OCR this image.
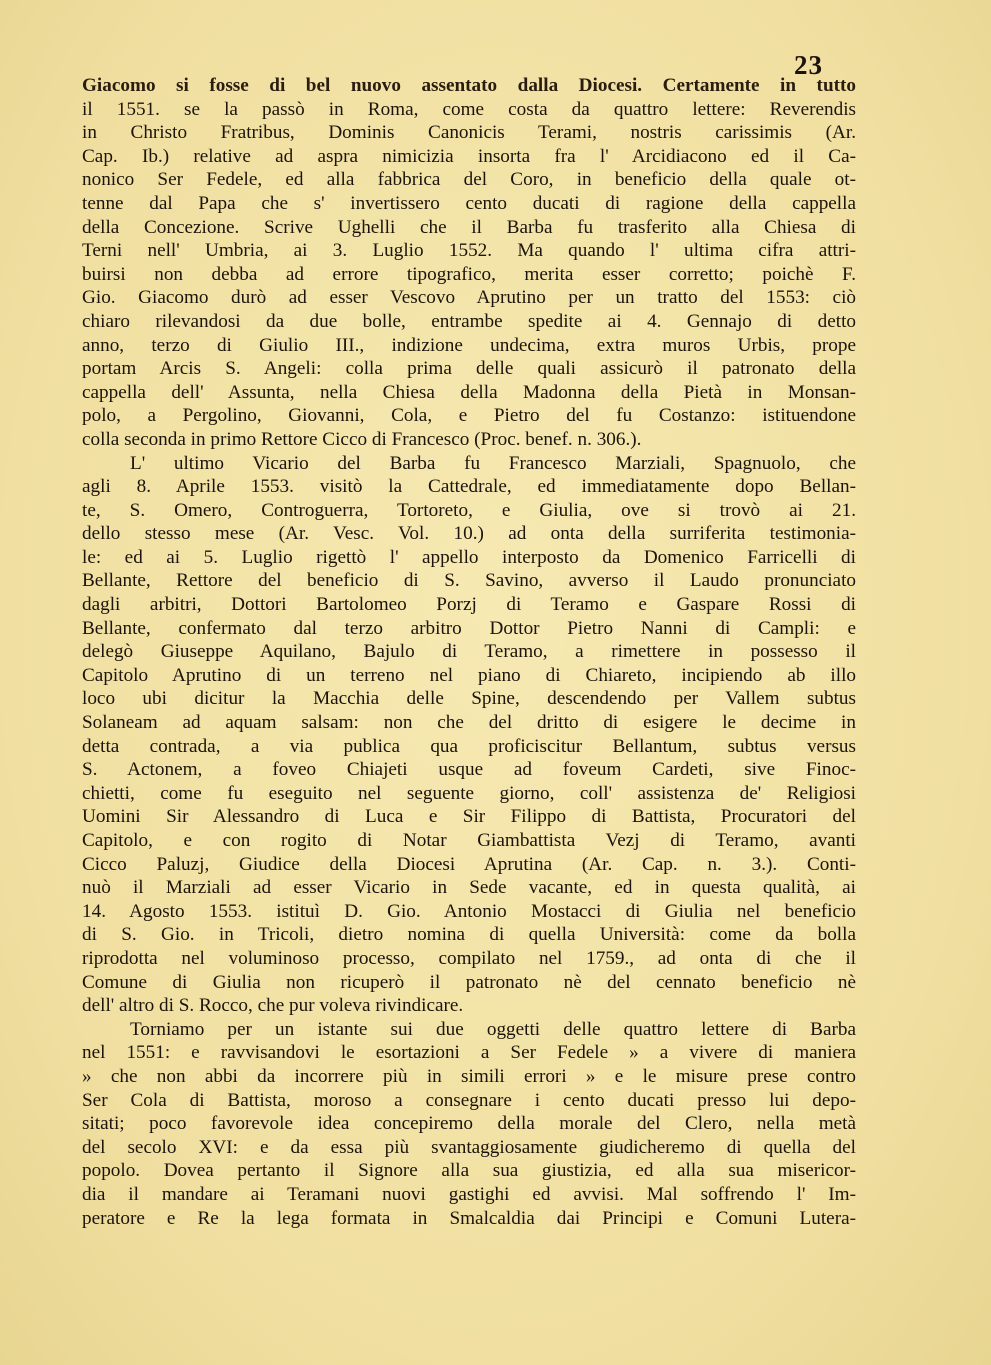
23
Giacomo si fosse di bel nuovo assentato dalla Diocesi. Certamente in tutto
il 1551. se la passò in Roma, come costa da quattro lettere: Reverendis
in Christo Fratribus, Dominis Canonicis Terami, nostris carissimis (Ar.
Cap. Ib.) relative ad aspra nimicizia insorta fra l' Arcidiacono ed il Ca-
nonico Ser Fedele, ed alla fabbrica del Coro, in beneficio della quale ot-
tenne dal Papa che s' invertissero cento ducati di ragione della cappella
della Concezione. Scrive Ughelli che il Barba fu trasferito alla Chiesa di
Terni nell' Umbria, ai 3. Luglio 1552. Ma quando l' ultima cifra attri-
buirsi non debba ad errore tipografico, merita esser corretto; poichè F.
Gio. Giacomo durò ad esser Vescovo Aprutino per un tratto del 1553: ciò
chiaro rilevandosi da due bolle, entrambe spedite ai 4. Gennajo di detto
anno, terzo di Giulio III., indizione undecima, extra muros Urbis, prope
portam Arcis S. Angeli: colla prima delle quali assicurò il patronato della
cappella dell' Assunta, nella Chiesa della Madonna della Pietà in Monsan-
polo, a Pergolino, Giovanni, Cola, e Pietro del fu Costanzo: istituendone
colla seconda in primo Rettore Cicco di Francesco (Proc. benef. n. 306.).
L' ultimo Vicario del Barba fu Francesco Marziali, Spagnuolo, che
agli 8. Aprile 1553. visitò la Cattedrale, ed immediatamente dopo Bellan-
te, S. Omero, Controguerra, Tortoreto, e Giulia, ove si trovò ai 21.
dello stesso mese (Ar. Vesc. Vol. 10.) ad onta della surriferita testimonia-
le: ed ai 5. Luglio rigettò l' appello interposto da Domenico Farricelli di
Bellante, Rettore del beneficio di S. Savino, avverso il Laudo pronunciato
dagli arbitri, Dottori Bartolomeo Porzj di Teramo e Gaspare Rossi di
Bellante, confermato dal terzo arbitro Dottor Pietro Nanni di Campli: e
delegò Giuseppe Aquilano, Bajulo di Teramo, a rimettere in possesso il
Capitolo Aprutino di un terreno nel piano di Chiareto, incipiendo ab illo
loco ubi dicitur la Macchia delle Spine, descendendo per Vallem subtus
Solaneam ad aquam salsam: non che del dritto di esigere le decime in
detta contrada, a via publica qua proficiscitur Bellantum, subtus versus
S. Actonem, a foveo Chiajeti usque ad foveum Cardeti, sive Finoc-
chietti, come fu eseguito nel seguente giorno, coll' assistenza de' Religiosi
Uomini Sir Alessandro di Luca e Sir Filippo di Battista, Procuratori del
Capitolo, e con rogito di Notar Giambattista Vezj di Teramo, avanti
Cicco Paluzj, Giudice della Diocesi Aprutina (Ar. Cap. n. 3.). Conti-
nuò il Marziali ad esser Vicario in Sede vacante, ed in questa qualità, ai
14. Agosto 1553. istituì D. Gio. Antonio Mostacci di Giulia nel beneficio
di S. Gio. in Tricoli, dietro nomina di quella Università: come da bolla
riprodotta nel voluminoso processo, compilato nel 1759., ad onta di che il
Comune di Giulia non ricuperò il patronato nè del cennato beneficio nè
dell' altro di S. Rocco, che pur voleva rivindicare.
Torniamo per un istante sui due oggetti delle quattro lettere di Barba
nel 1551: e ravvisandovi le esortazioni a Ser Fedele » a vivere di maniera
» che non abbi da incorrere più in simili errori » e le misure prese contro
Ser Cola di Battista, moroso a consegnare i cento ducati presso lui depo-
sitati; poco favorevole idea concepiremo della morale del Clero, nella metà
del secolo XVI: e da essa più svantaggiosamente giudicheremo di quella del
popolo. Dovea pertanto il Signore alla sua giustizia, ed alla sua misericor-
dia il mandare ai Teramani nuovi gastighi ed avvisi. Mal soffrendo l' Im-
peratore e Re la lega formata in Smalcaldia dai Principi e Comuni Lutera-
